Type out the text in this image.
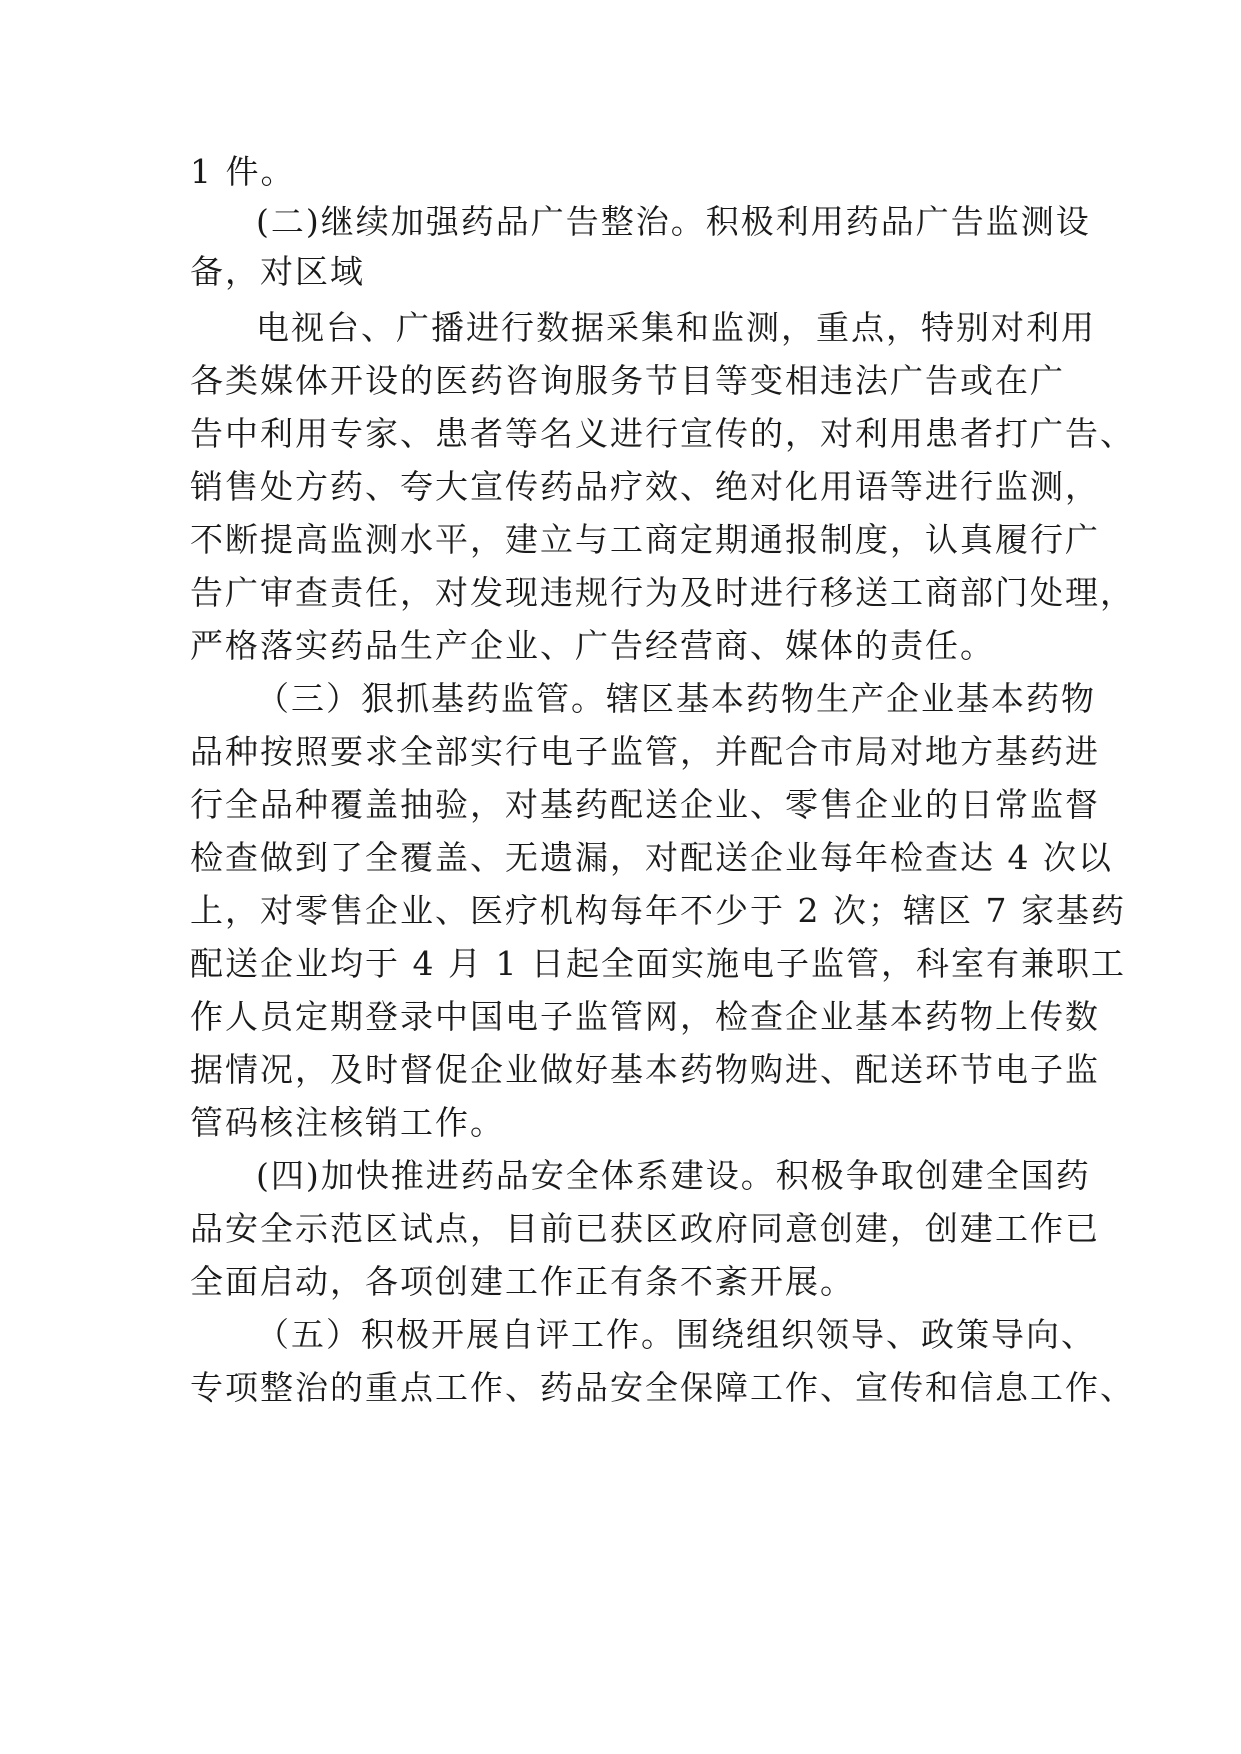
1 件。
(二)继续加强药品广告整治。积极利用药品广告监测设
备，对区域
电视台、广播进行数据采集和监测，重点，特别对利用
各类媒体开设的医药咨询服务节目等变相违法广告或在广
告中利用专家、患者等名义进行宣传的，对利用患者打广告、
销售处方药、夸大宣传药品疗效、绝对化用语等进行监测，
不断提高监测水平，建立与工商定期通报制度，认真履行广
告广审查责任，对发现违规行为及时进行移送工商部门处理，
严格落实药品生产企业、广告经营商、媒体的责任。
（三）狠抓基药监管。辖区基本药物生产企业基本药物
品种按照要求全部实行电子监管，并配合市局对地方基药进
行全品种覆盖抽验，对基药配送企业、零售企业的日常监督
检查做到了全覆盖、无遗漏，对配送企业每年检查达 4 次以
上，对零售企业、医疗机构每年不少于 2 次；辖区 7 家基药
配送企业均于 4 月 1 日起全面实施电子监管，科室有兼职工
作人员定期登录中国电子监管网，检查企业基本药物上传数
据情况，及时督促企业做好基本药物购进、配送环节电子监
管码核注核销工作。
(四)加快推进药品安全体系建设。积极争取创建全国药
品安全示范区试点，目前已获区政府同意创建，创建工作已
全面启动，各项创建工作正有条不紊开展。
（五）积极开展自评工作。围绕组织领导、政策导向、
专项整治的重点工作、药品安全保障工作、宣传和信息工作、
